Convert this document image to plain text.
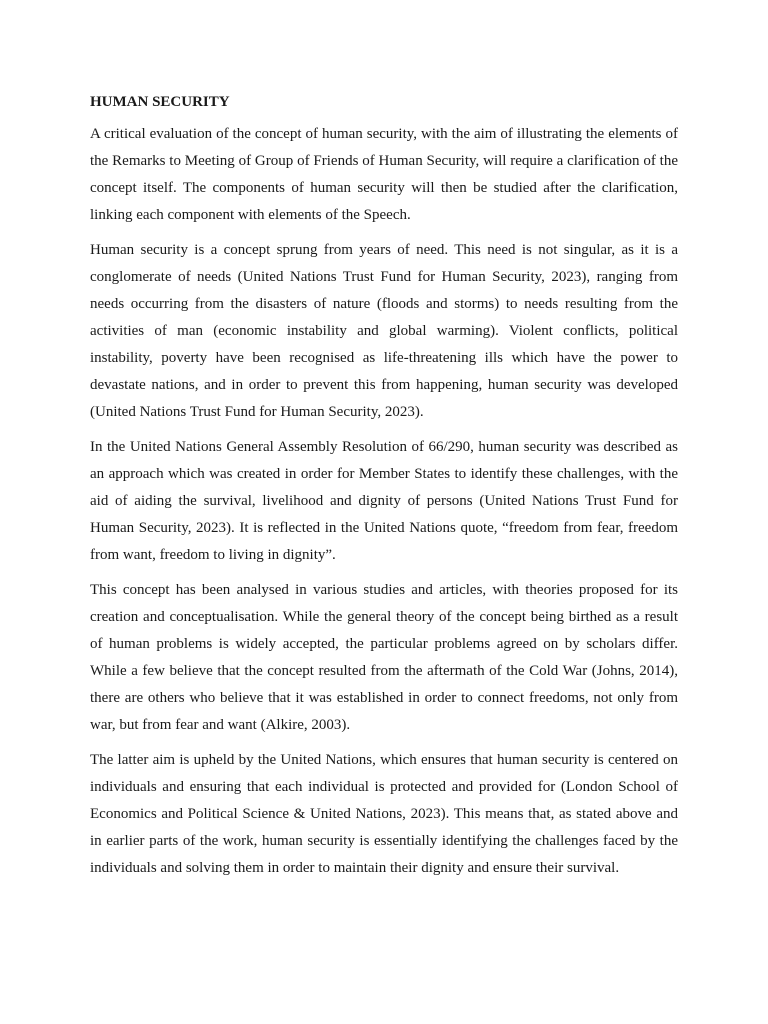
HUMAN SECURITY

A critical evaluation of the concept of human security, with the aim of illustrating the elements of the Remarks to Meeting of Group of Friends of Human Security, will require a clarification of the concept itself. The components of human security will then be studied after the clarification, linking each component with elements of the Speech.

Human security is a concept sprung from years of need. This need is not singular, as it is a conglomerate of needs (United Nations Trust Fund for Human Security, 2023), ranging from needs occurring from the disasters of nature (floods and storms) to needs resulting from the activities of man (economic instability and global warming). Violent conflicts, political instability, poverty have been recognised as life-threatening ills which have the power to devastate nations, and in order to prevent this from happening, human security was developed (United Nations Trust Fund for Human Security, 2023).

In the United Nations General Assembly Resolution of 66/290, human security was described as an approach which was created in order for Member States to identify these challenges, with the aid of aiding the survival, livelihood and dignity of persons (United Nations Trust Fund for Human Security, 2023). It is reflected in the United Nations quote, “freedom from fear, freedom from want, freedom to living in dignity”.

This concept has been analysed in various studies and articles, with theories proposed for its creation and conceptualisation. While the general theory of the concept being birthed as a result of human problems is widely accepted, the particular problems agreed on by scholars differ. While a few believe that the concept resulted from the aftermath of the Cold War (Johns, 2014), there are others who believe that it was established in order to connect freedoms, not only from war, but from fear and want (Alkire, 2003).

The latter aim is upheld by the United Nations, which ensures that human security is centered on individuals and ensuring that each individual is protected and provided for (London School of Economics and Political Science & United Nations, 2023). This means that, as stated above and in earlier parts of the work, human security is essentially identifying the challenges faced by the individuals and solving them in order to maintain their dignity and ensure their survival.
